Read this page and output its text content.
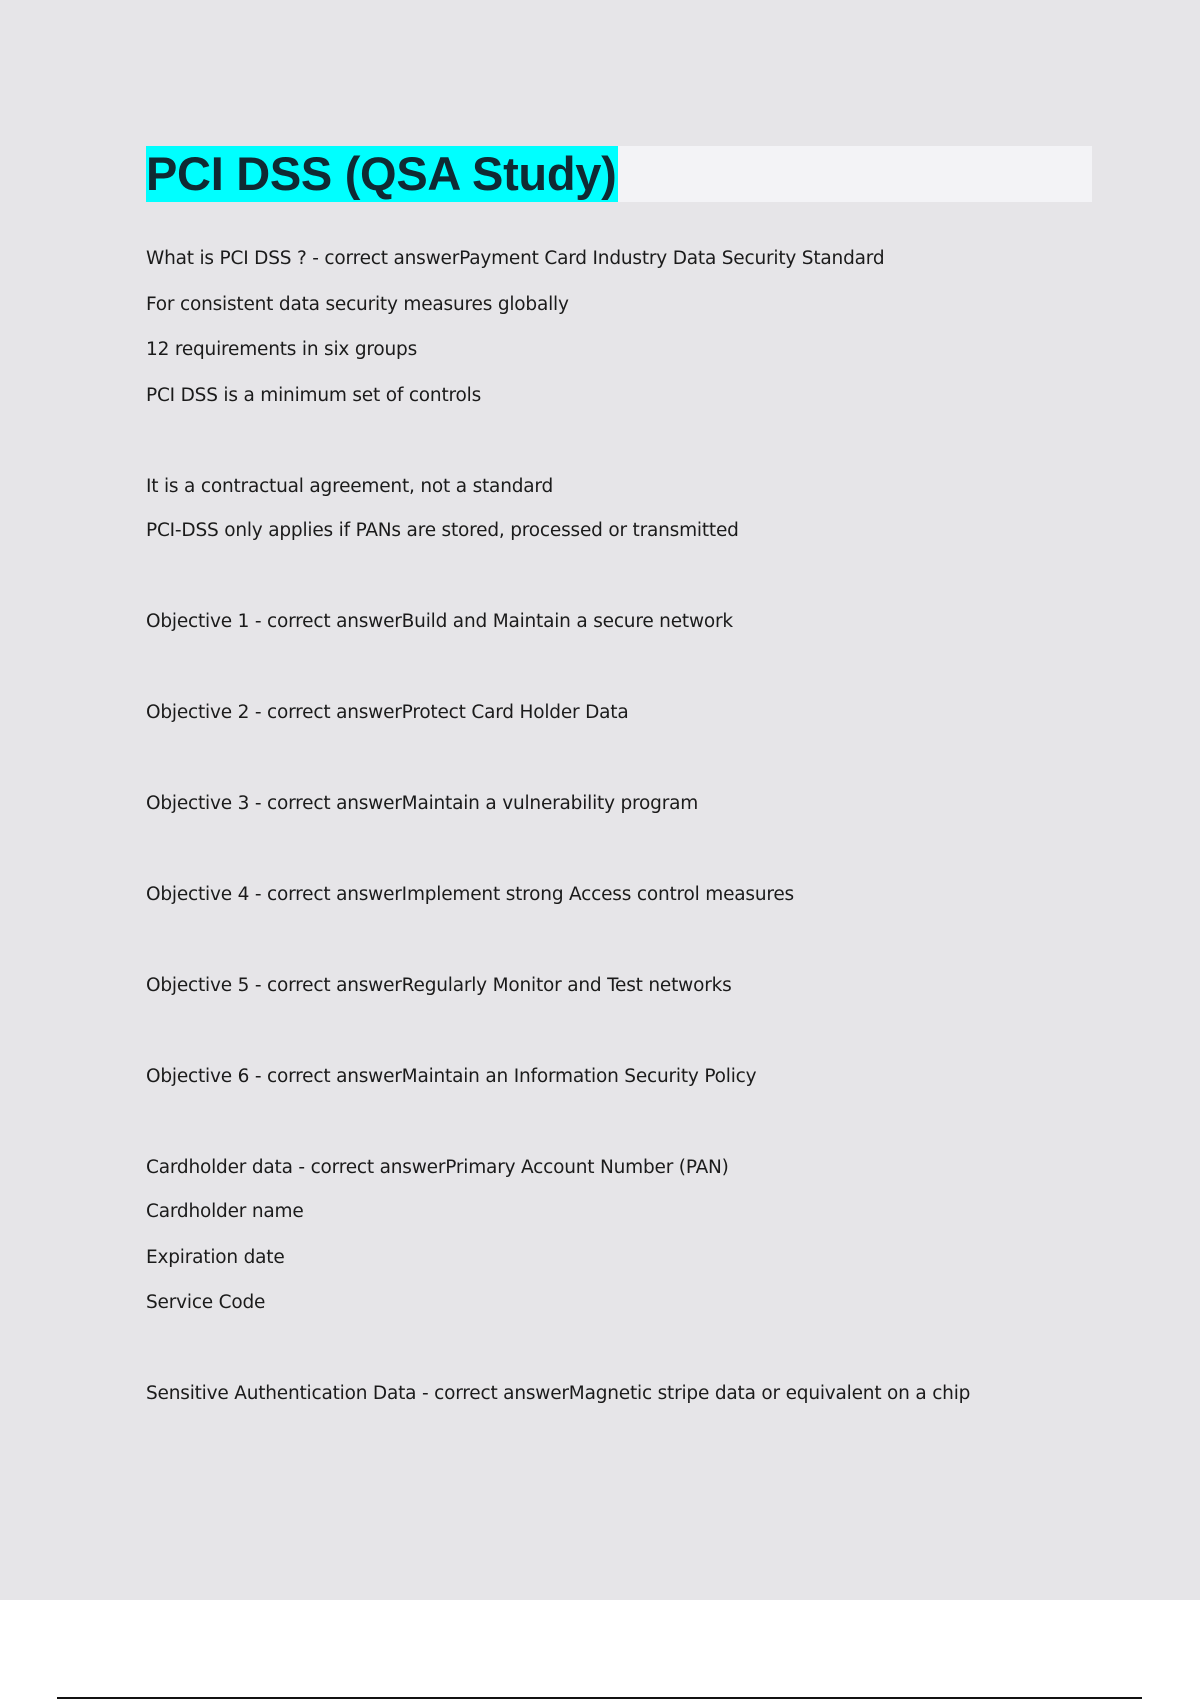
PCI DSS (QSA Study)

What is PCI DSS ? - correct answerPayment Card Industry Data Security Standard

For consistent data security measures globally

12 requirements in six groups

PCI DSS is a minimum set of controls

It is a contractual agreement, not a standard

PCI-DSS only applies if PANs are stored, processed or transmitted

Objective 1 - correct answerBuild and Maintain a secure network

Objective 2 - correct answerProtect Card Holder Data

Objective 3 - correct answerMaintain a vulnerability program

Objective 4 - correct answerImplement strong Access control measures

Objective 5 - correct answerRegularly Monitor and Test networks

Objective 6 - correct answerMaintain an Information Security Policy

Cardholder data - correct answerPrimary Account Number (PAN)

Cardholder name

Expiration date

Service Code

Sensitive Authentication Data - correct answerMagnetic stripe data or equivalent on a chip
